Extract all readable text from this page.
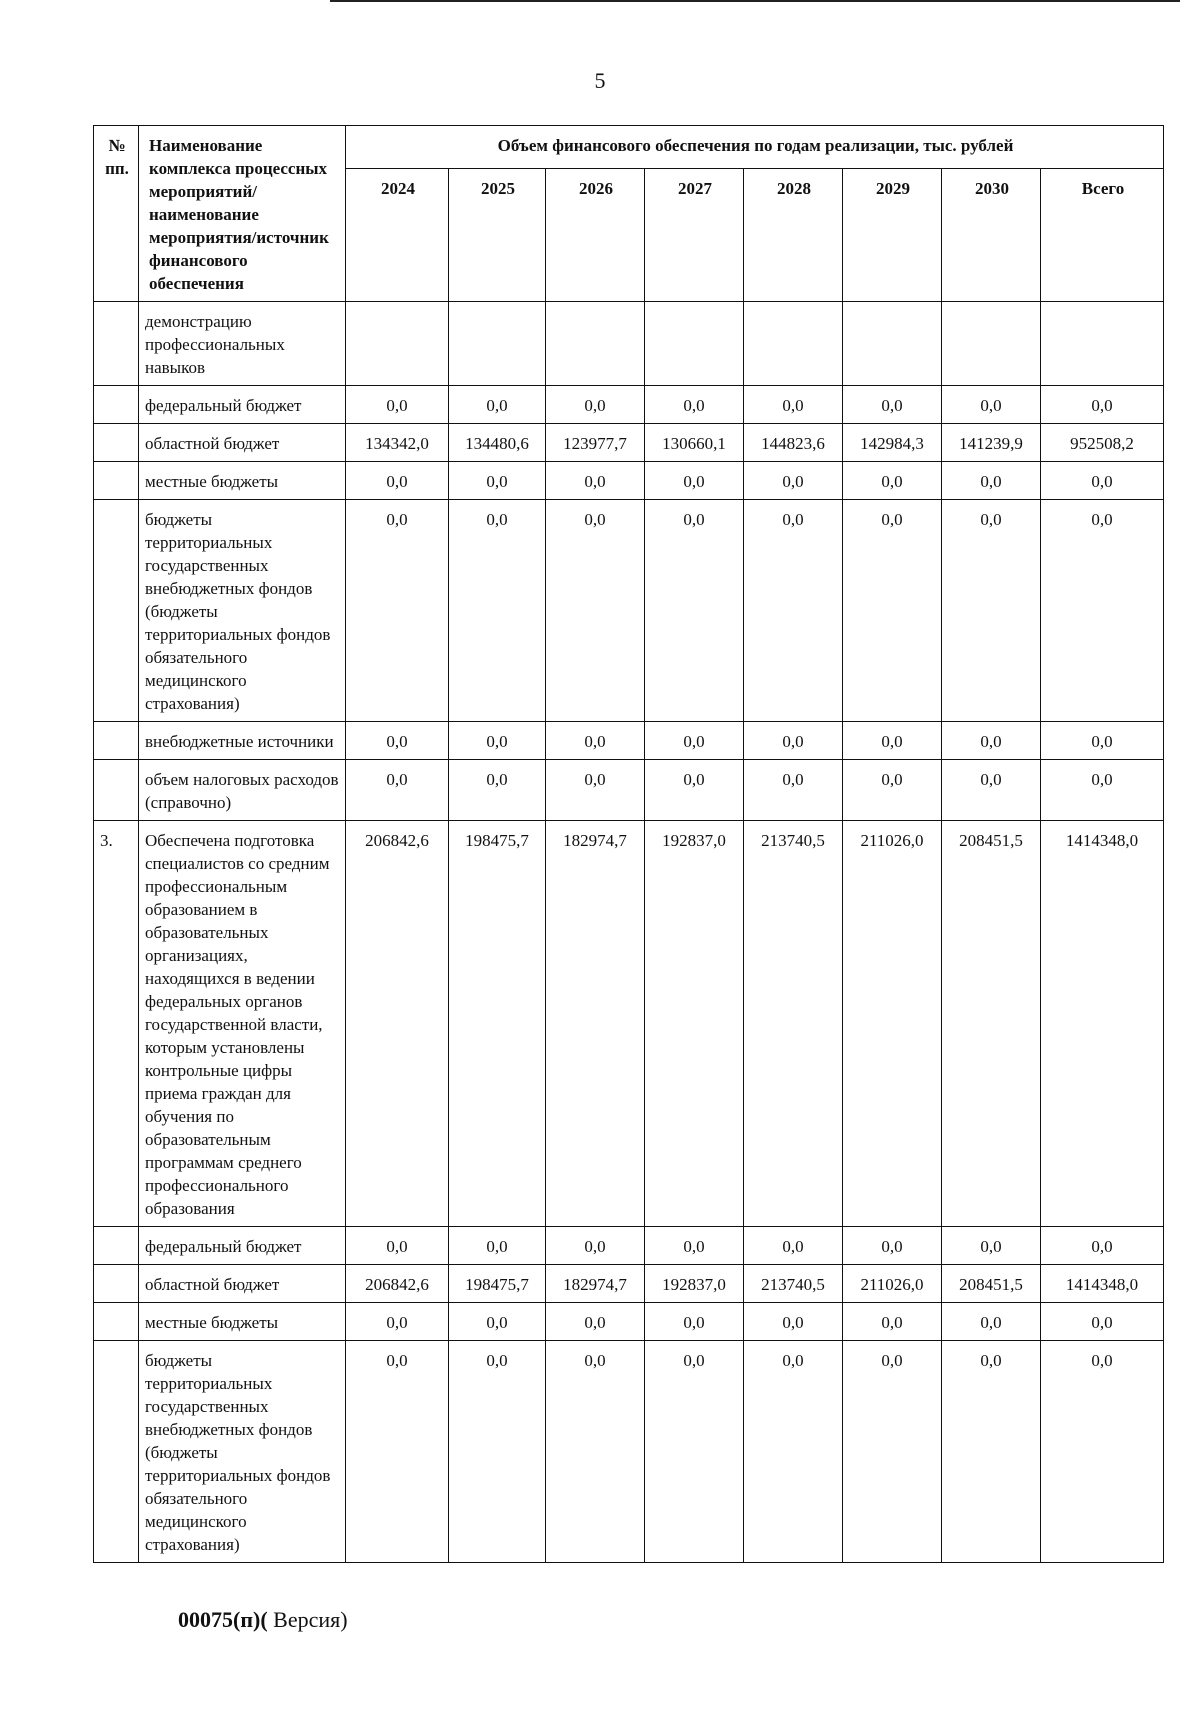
5
№ пп.	Наименование комплекса процессных мероприятий/наименование мероприятия/источник финансового обеспечения	Объем финансового обеспечения по годам реализации, тыс. рублей							
		2024	2025	2026	2027	2028	2029	2030	Всего
	демонстрацию профессиональных навыков								
	федеральный бюджет	0,0	0,0	0,0	0,0	0,0	0,0	0,0	0,0
	областной бюджет	134342,0	134480,6	123977,7	130660,1	144823,6	142984,3	141239,9	952508,2
	местные бюджеты	0,0	0,0	0,0	0,0	0,0	0,0	0,0	0,0
	бюджеты территориальных государственных внебюджетных фондов (бюджеты территориальных фондов обязательного медицинского страхования)	0,0	0,0	0,0	0,0	0,0	0,0	0,0	0,0
	внебюджетные источники	0,0	0,0	0,0	0,0	0,0	0,0	0,0	0,0
	объем налоговых расходов (справочно)	0,0	0,0	0,0	0,0	0,0	0,0	0,0	0,0
3.	Обеспечена подготовка специалистов со средним профессиональным образованием в образовательных организациях, находящихся в ведении федеральных органов государственной власти, которым установлены контрольные цифры приема граждан для обучения по образовательным программам среднего профессионального образования	206842,6	198475,7	182974,7	192837,0	213740,5	211026,0	208451,5	1414348,0
	федеральный бюджет	0,0	0,0	0,0	0,0	0,0	0,0	0,0	0,0
	областной бюджет	206842,6	198475,7	182974,7	192837,0	213740,5	211026,0	208451,5	1414348,0
	местные бюджеты	0,0	0,0	0,0	0,0	0,0	0,0	0,0	0,0
	бюджеты территориальных государственных внебюджетных фондов (бюджеты территориальных фондов обязательного медицинского страхования)	0,0	0,0	0,0	0,0	0,0	0,0	0,0	0,0
00075(п)( Версия)
